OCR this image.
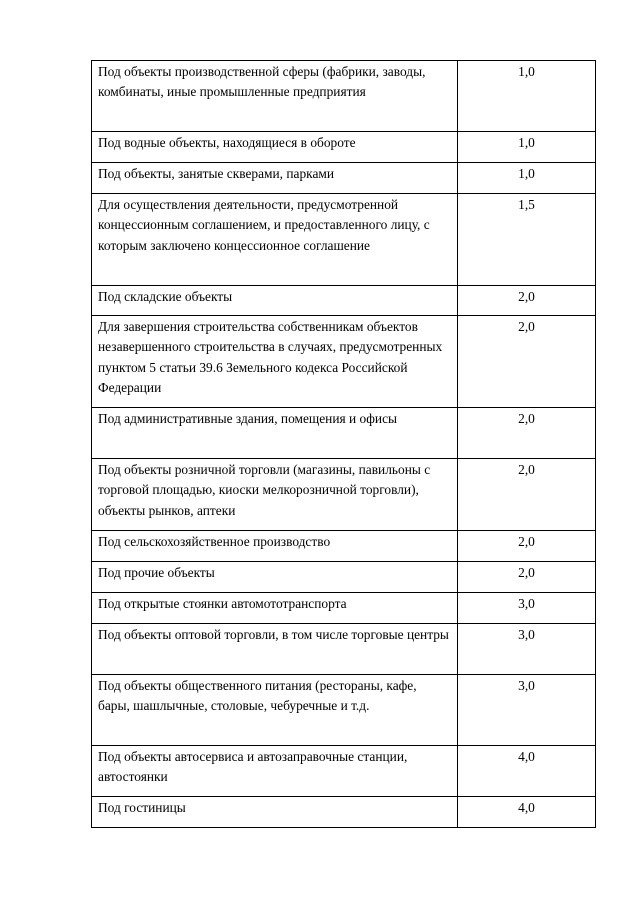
Под объекты производственной сферы (фабрики, заводы, комбинаты, иные промышленные предприятия	1,0
Под водные объекты, находящиеся в обороте	1,0
Под объекты, занятые скверами, парками	1,0
Для осуществления деятельности, предусмотренной концессионным соглашением, и предоставленного лицу, с которым заключено концессионное соглашение	1,5
Под складские объекты	2,0
Для завершения строительства собственникам объектов незавершенного строительства в случаях, предусмотренных пунктом 5 статьи 39.6 Земельного кодекса Российской Федерации	2,0
Под административные здания, помещения и офисы	2,0
Под объекты розничной торговли (магазины, павильоны с торговой площадью, киоски мелкорозничной торговли), объекты рынков, аптеки	2,0
Под сельскохозяйственное производство	2,0
Под прочие объекты	2,0
Под открытые стоянки автомототранспорта	3,0
Под объекты оптовой торговли, в том числе торговые центры	3,0
Под объекты общественного питания (рестораны, кафе, бары, шашлычные, столовые, чебуречные и т.д.	3,0
Под объекты автосервиса и автозаправочные станции, автостоянки	4,0
Под гостиницы	4,0
